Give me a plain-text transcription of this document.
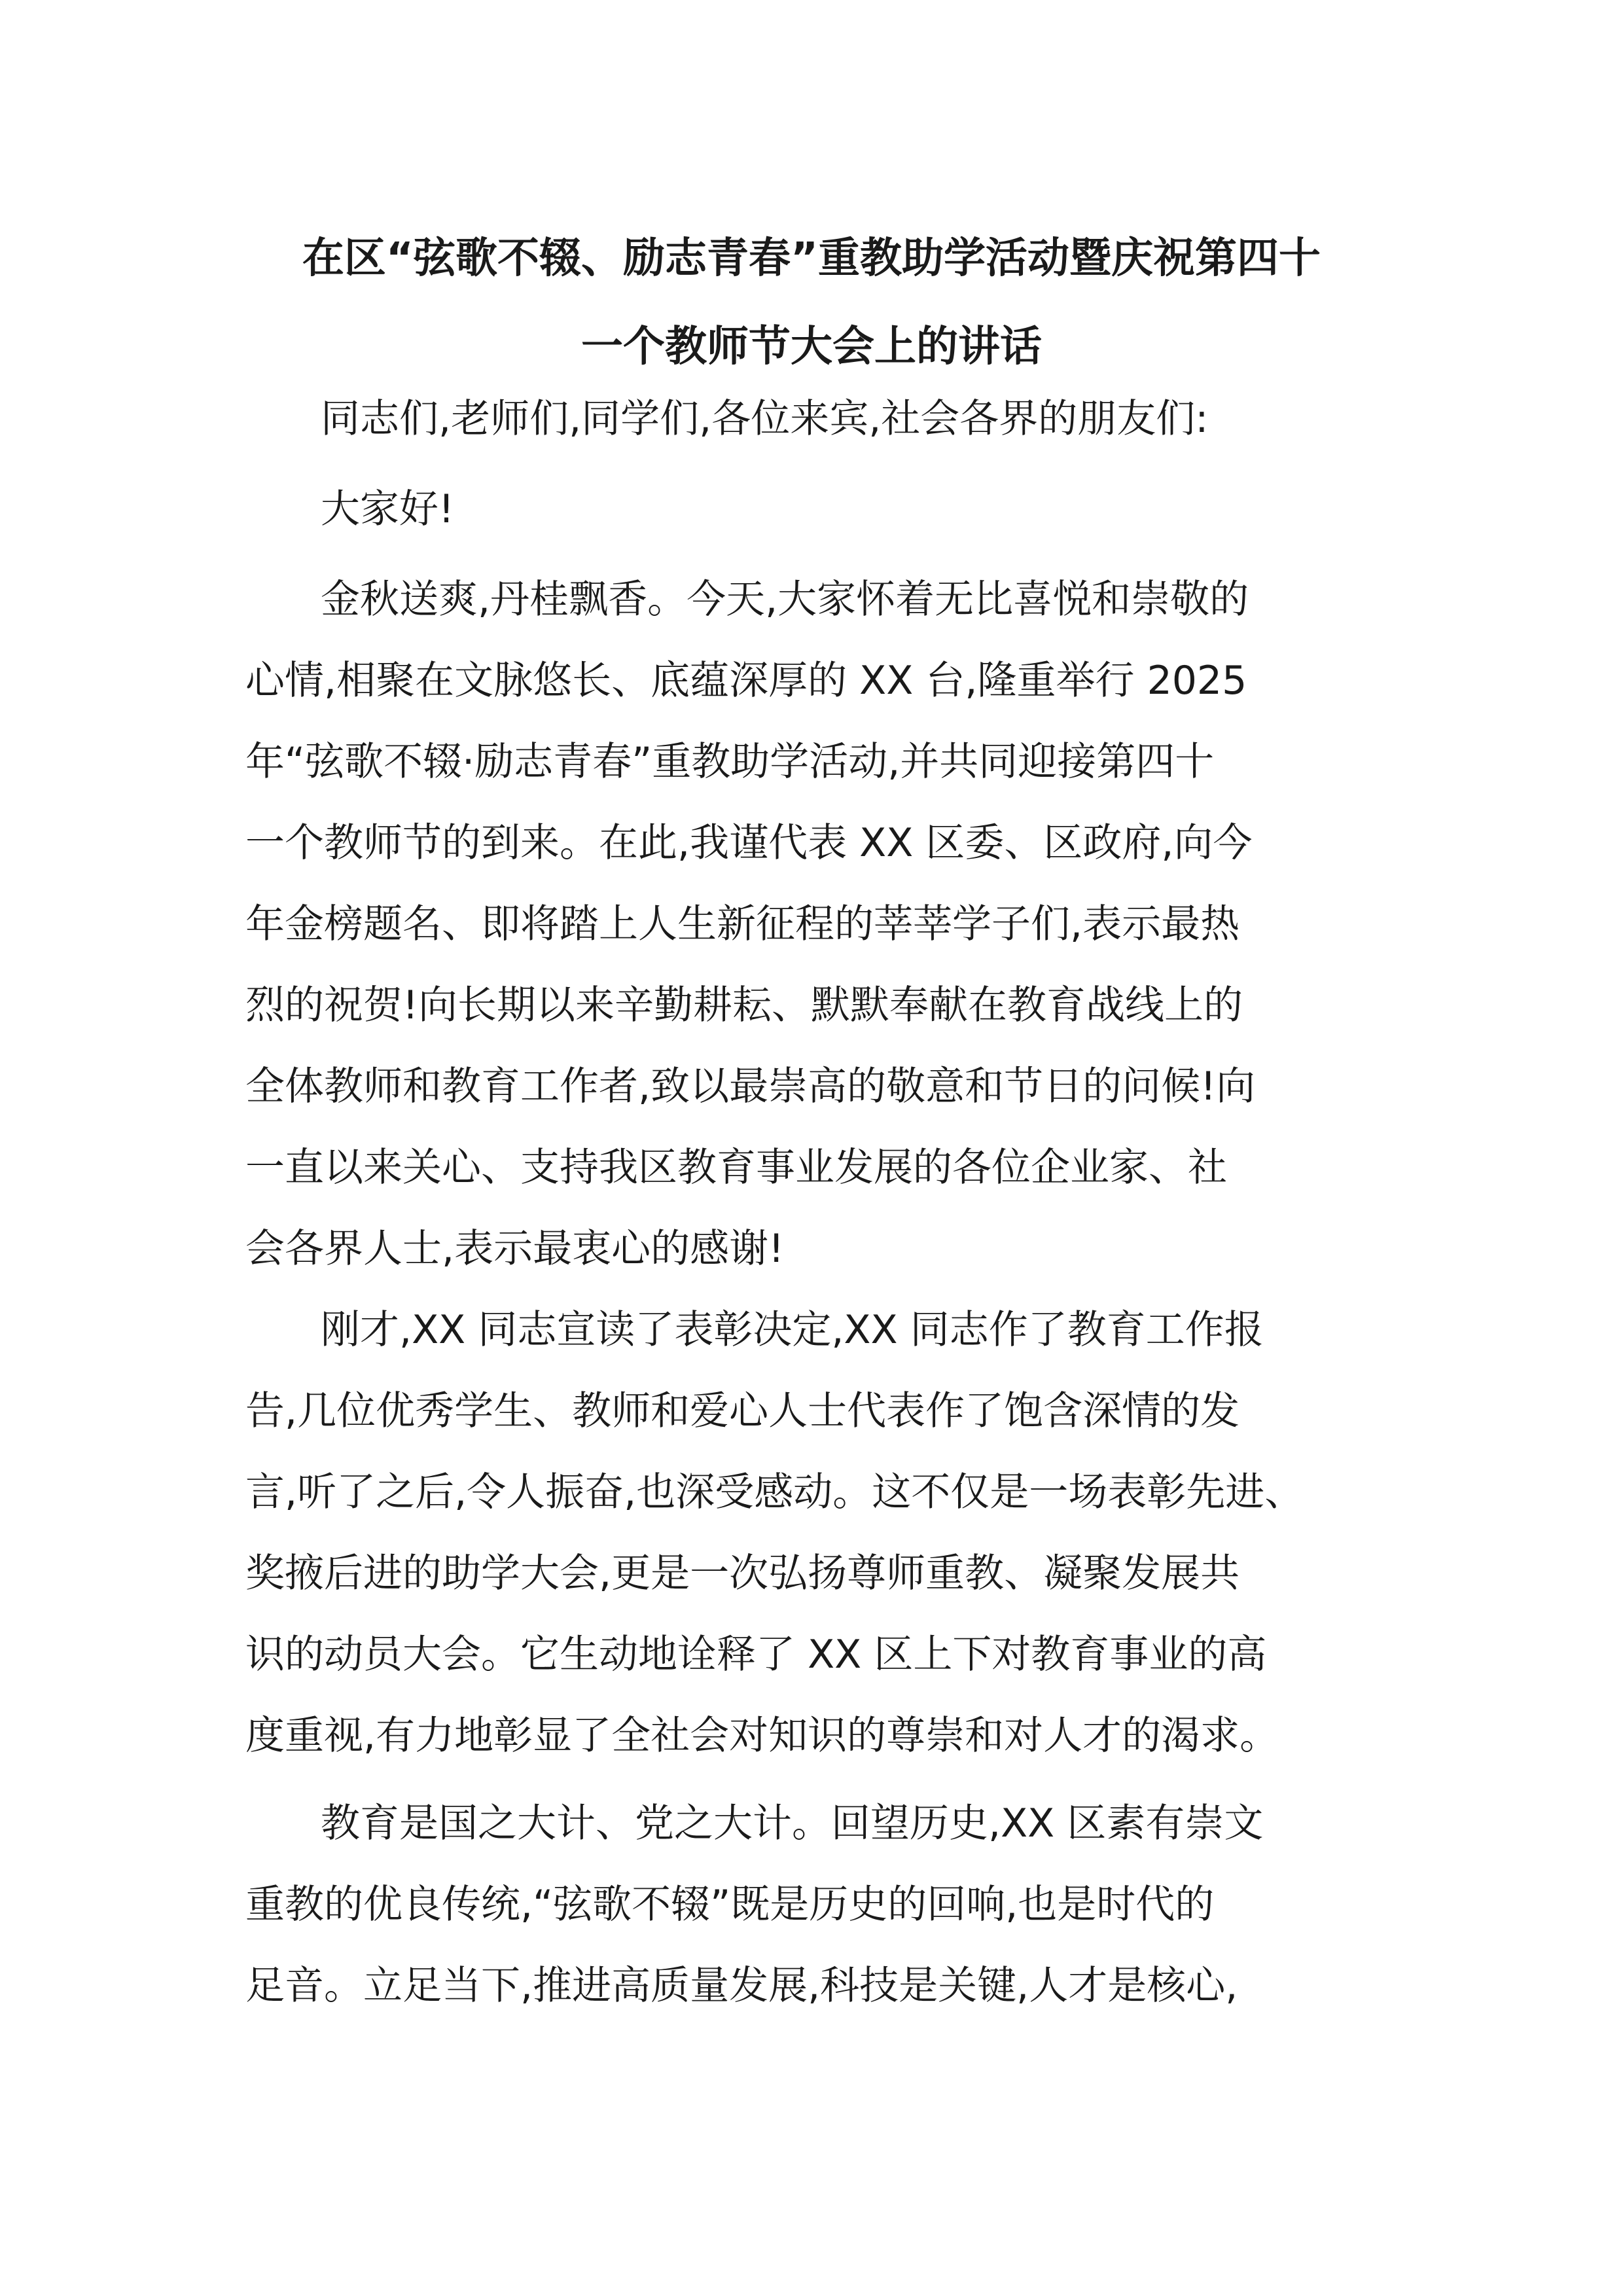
在区“弦歌不辍、励志青春”重教助学活动暨庆祝第四十
一个教师节大会上的讲话

同志们,老师们,同学们,各位来宾,社会各界的朋友们:

大家好!

金秋送爽,丹桂飘香。今天,大家怀着无比喜悦和崇敬的

心情,相聚在文脉悠长、底蕴深厚的 XX 台,隆重举行 2025

年“弦歌不辍·励志青春”重教助学活动,并共同迎接第四十

一个教师节的到来。在此,我谨代表 XX 区委、区政府,向今

年金榜题名、即将踏上人生新征程的莘莘学子们,表示最热

烈的祝贺!向长期以来辛勤耕耘、默默奉献在教育战线上的

全体教师和教育工作者,致以最崇高的敬意和节日的问候!向

一直以来关心、支持我区教育事业发展的各位企业家、社

会各界人士,表示最衷心的感谢!

刚才,XX 同志宣读了表彰决定,XX 同志作了教育工作报

告,几位优秀学生、教师和爱心人士代表作了饱含深情的发

言,听了之后,令人振奋,也深受感动。这不仅是一场表彰先进、

奖掖后进的助学大会,更是一次弘扬尊师重教、凝聚发展共

识的动员大会。它生动地诠释了 XX 区上下对教育事业的高

度重视,有力地彰显了全社会对知识的尊崇和对人才的渴求。

教育是国之大计、党之大计。回望历史,XX 区素有崇文

重教的优良传统,“弦歌不辍”既是历史的回响,也是时代的

足音。立足当下,推进高质量发展,科技是关键,人才是核心,
